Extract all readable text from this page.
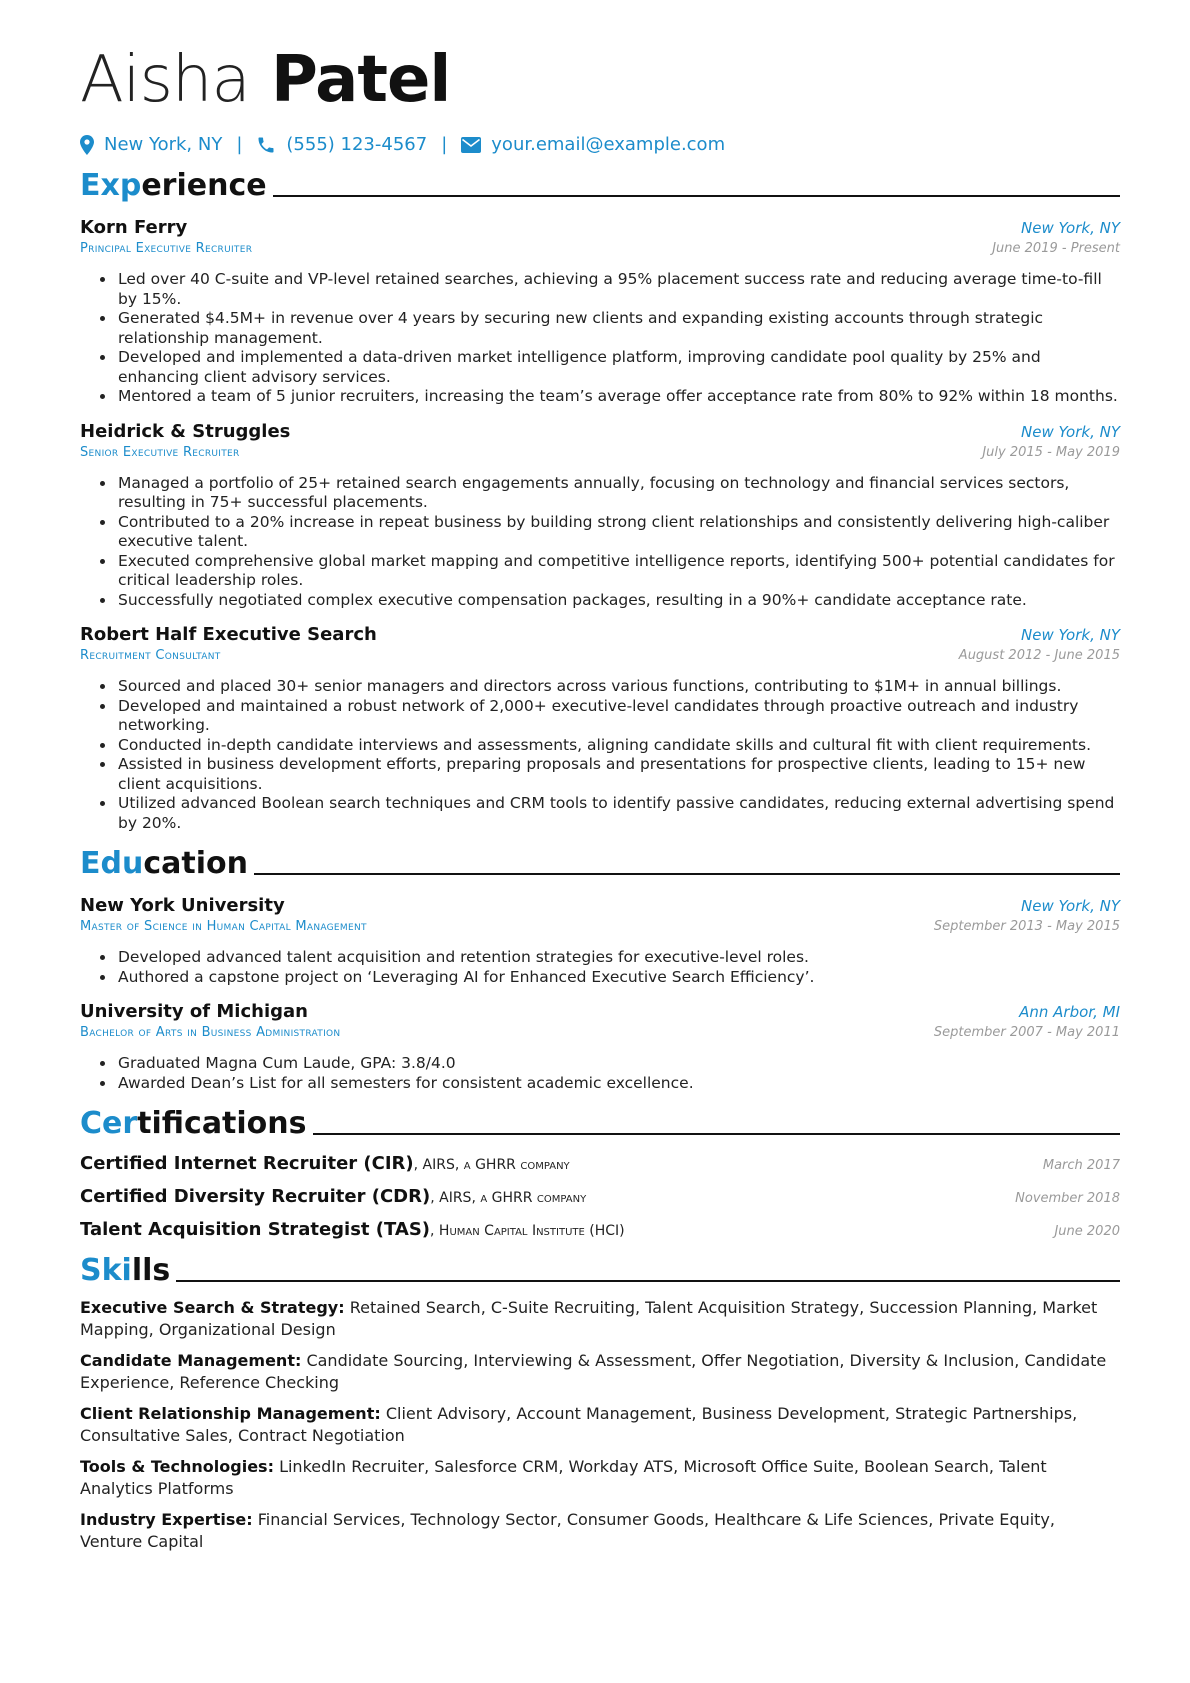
Aisha Patel
New York, NY | (555) 123-4567 | your.email@example.com
Experience
Korn Ferry	New York, NY
Principal Executive Recruiter	June 2019 - Present
• Led over 40 C-suite and VP-level retained searches, achieving a 95% placement success rate and reducing average time-to-fill by 15%.
• Generated $4.5M+ in revenue over 4 years by securing new clients and expanding existing accounts through strategic relationship management.
• Developed and implemented a data-driven market intelligence platform, improving candidate pool quality by 25% and enhancing client advisory services.
• Mentored a team of 5 junior recruiters, increasing the team’s average offer acceptance rate from 80% to 92% within 18 months.
Heidrick & Struggles	New York, NY
Senior Executive Recruiter	July 2015 - May 2019
• Managed a portfolio of 25+ retained search engagements annually, focusing on technology and financial services sectors, resulting in 75+ successful placements.
• Contributed to a 20% increase in repeat business by building strong client relationships and consistently delivering high-caliber executive talent.
• Executed comprehensive global market mapping and competitive intelligence reports, identifying 500+ potential candidates for critical leadership roles.
• Successfully negotiated complex executive compensation packages, resulting in a 90%+ candidate acceptance rate.
Robert Half Executive Search	New York, NY
Recruitment Consultant	August 2012 - June 2015
• Sourced and placed 30+ senior managers and directors across various functions, contributing to $1M+ in annual billings.
• Developed and maintained a robust network of 2,000+ executive-level candidates through proactive outreach and industry networking.
• Conducted in-depth candidate interviews and assessments, aligning candidate skills and cultural fit with client requirements.
• Assisted in business development efforts, preparing proposals and presentations for prospective clients, leading to 15+ new client acquisitions.
• Utilized advanced Boolean search techniques and CRM tools to identify passive candidates, reducing external advertising spend by 20%.
Education
New York University	New York, NY
Master of Science in Human Capital Management	September 2013 - May 2015
• Developed advanced talent acquisition and retention strategies for executive-level roles.
• Authored a capstone project on ‘Leveraging AI for Enhanced Executive Search Efficiency’.
University of Michigan	Ann Arbor, MI
Bachelor of Arts in Business Administration	September 2007 - May 2011
• Graduated Magna Cum Laude, GPA: 3.8/4.0
• Awarded Dean’s List for all semesters for consistent academic excellence.
Certifications
Certified Internet Recruiter (CIR), AIRS, a GHRR company	March 2017
Certified Diversity Recruiter (CDR), AIRS, a GHRR company	November 2018
Talent Acquisition Strategist (TAS), Human Capital Institute (HCI)	June 2020
Skills
Executive Search & Strategy: Retained Search, C-Suite Recruiting, Talent Acquisition Strategy, Succession Planning, Market Mapping, Organizational Design
Candidate Management: Candidate Sourcing, Interviewing & Assessment, Offer Negotiation, Diversity & Inclusion, Candidate Experience, Reference Checking
Client Relationship Management: Client Advisory, Account Management, Business Development, Strategic Partnerships, Consultative Sales, Contract Negotiation
Tools & Technologies: LinkedIn Recruiter, Salesforce CRM, Workday ATS, Microsoft Office Suite, Boolean Search, Talent Analytics Platforms
Industry Expertise: Financial Services, Technology Sector, Consumer Goods, Healthcare & Life Sciences, Private Equity, Venture Capital
